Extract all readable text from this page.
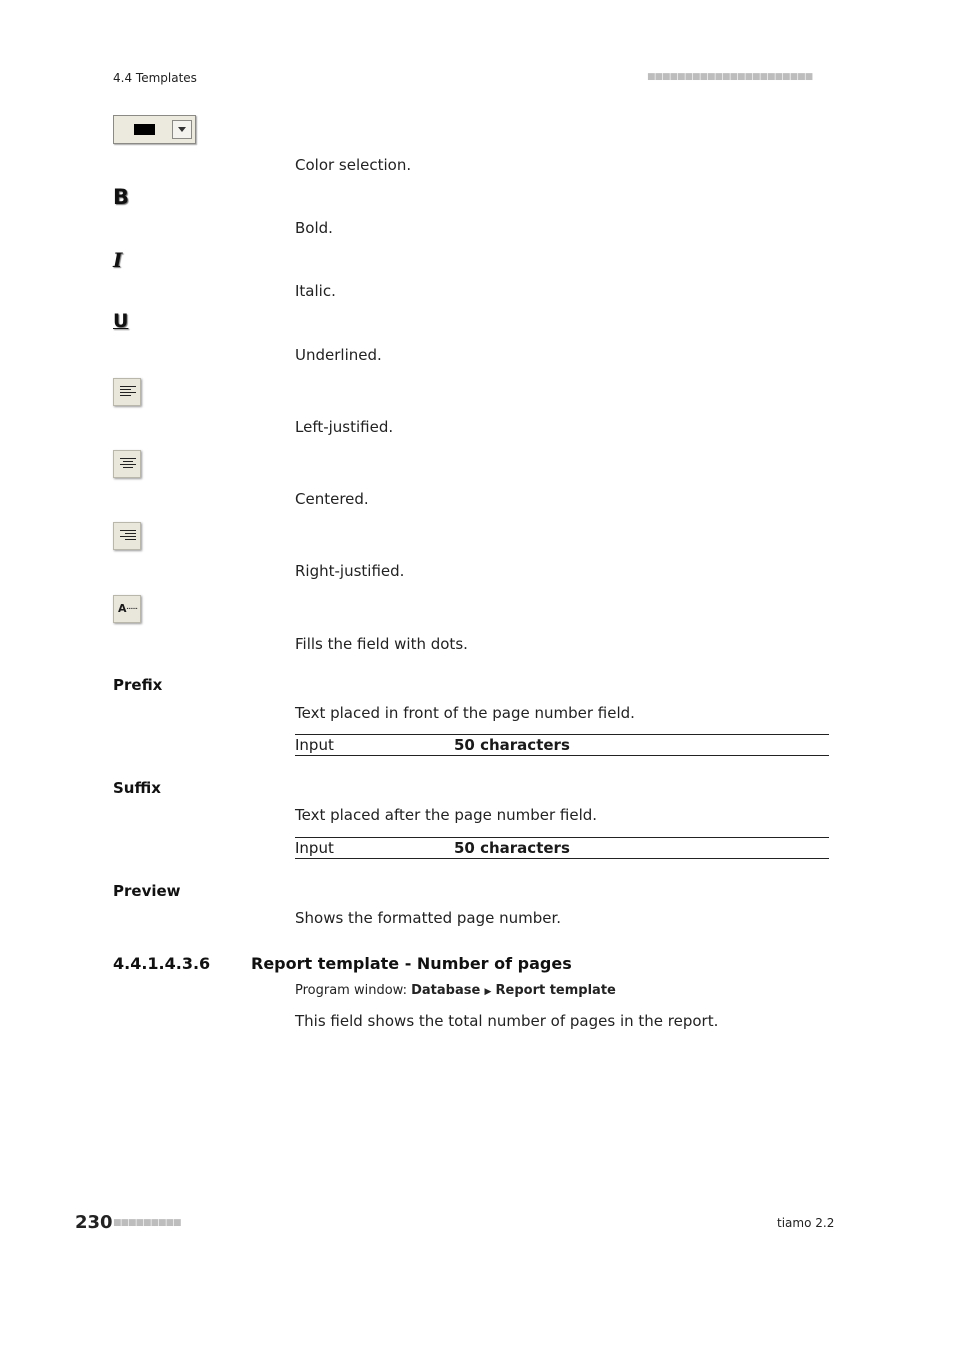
4.4 Templates	■■■■■■■■■■■■■■■■■■■■■■
Color selection.
B
Bold.
I
Italic.
U
Underlined.
Left-justified.
Centered.
Right-justified.
A ......
Fills the field with dots.
Prefix
Text placed in front of the page number field.
Input	50 characters
Suffix
Text placed after the page number field.
Input	50 characters
Preview
Shows the formatted page number.
4.4.1.4.3.6	Report template - Number of pages
Program window: Database ▶ Report template
This field shows the total number of pages in the report.
230 ■■■■■■■■■	tiamo 2.2
